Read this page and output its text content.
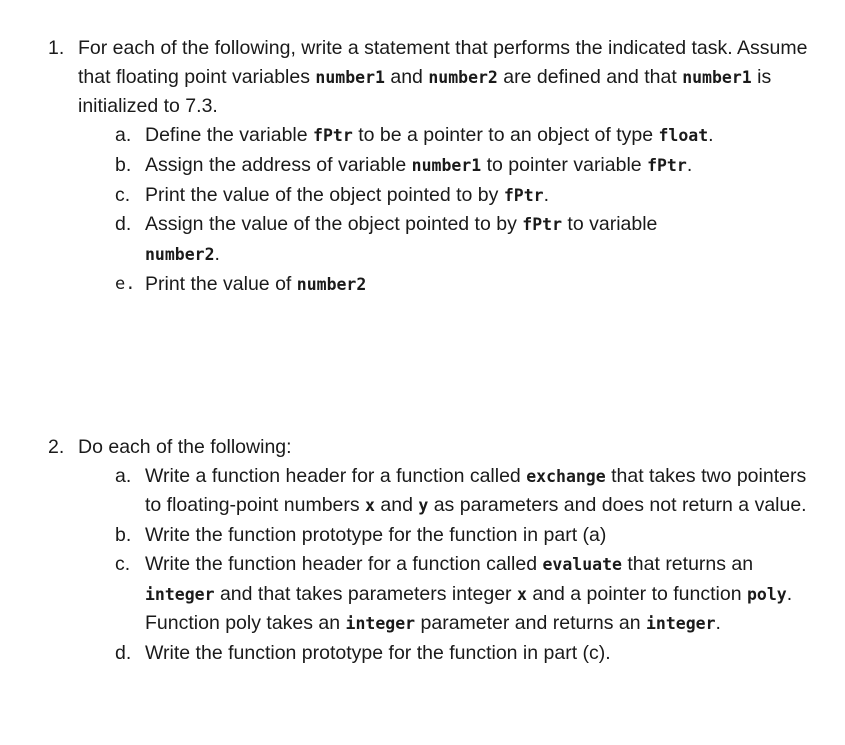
1. For each of the following, write a statement that performs the indicated task. Assume that floating point variables number1 and number2 are defined and that number1 is initialized to 7.3.
a. Define the variable fPtr to be a pointer to an object of type float.
b. Assign the address of variable number1 to pointer variable fPtr.
c. Print the value of the object pointed to by fPtr.
d. Assign the value of the object pointed to by fPtr to variable
number2.
e. Print the value of number2
2. Do each of the following:
a. Write a function header for a function called exchange that takes two pointers to floating-point numbers x and y as parameters and does not return a value.
b. Write the function prototype for the function in part (a)
c. Write the function header for a function called evaluate that returns an integer and that takes parameters integer x and a pointer to function poly. Function poly takes an integer parameter and returns an integer.
d. Write the function prototype for the function in part (c).
